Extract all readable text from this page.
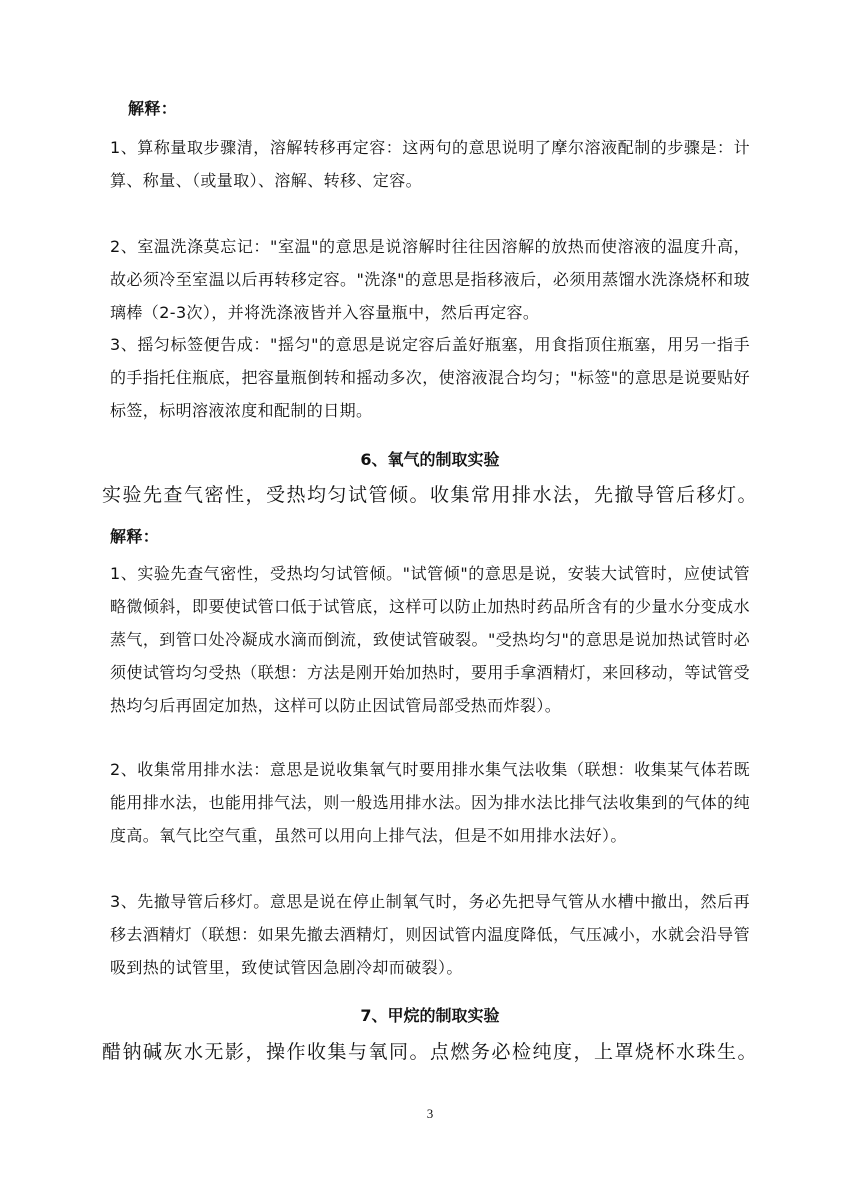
解释：

1、算称量取步骤清，溶解转移再定容：这两句的意思说明了摩尔溶液配制的步骤是：计算、称量、（或量取）、溶解、转移、定容。

2、室温洗涤莫忘记："室温"的意思是说溶解时往往因溶解的放热而使溶液的温度升高，故必须冷至室温以后再转移定容。"洗涤"的意思是指移液后，必须用蒸馏水洗涤烧杯和玻璃棒（2-3次），并将洗涤液皆并入容量瓶中，然后再定容。

3、摇匀标签便告成："摇匀"的意思是说定容后盖好瓶塞，用食指顶住瓶塞，用另一指手的手指托住瓶底，把容量瓶倒转和摇动多次，使溶液混合均匀；"标签"的意思是说要贴好标签，标明溶液浓度和配制的日期。

6、氧气的制取实验

实验先查气密性，受热均匀试管倾。收集常用排水法，先撤导管后移灯。

解释：

1、实验先查气密性，受热均匀试管倾。"试管倾"的意思是说，安装大试管时，应使试管略微倾斜，即要使试管口低于试管底，这样可以防止加热时药品所含有的少量水分变成水蒸气，到管口处冷凝成水滴而倒流，致使试管破裂。"受热均匀"的意思是说加热试管时必须使试管均匀受热（联想：方法是刚开始加热时，要用手拿酒精灯，来回移动，等试管受热均匀后再固定加热，这样可以防止因试管局部受热而炸裂）。

2、收集常用排水法：意思是说收集氧气时要用排水集气法收集（联想：收集某气体若既能用排水法，也能用排气法，则一般选用排水法。因为排水法比排气法收集到的气体的纯度高。氧气比空气重，虽然可以用向上排气法，但是不如用排水法好）。

3、先撤导管后移灯。意思是说在停止制氧气时，务必先把导气管从水槽中撤出，然后再移去酒精灯（联想：如果先撤去酒精灯，则因试管内温度降低，气压减小，水就会沿导管吸到热的试管里，致使试管因急剧冷却而破裂）。

7、甲烷的制取实验

醋钠碱灰水无影，操作收集与氧同。点燃务必检纯度，上罩烧杯水珠生。

3
